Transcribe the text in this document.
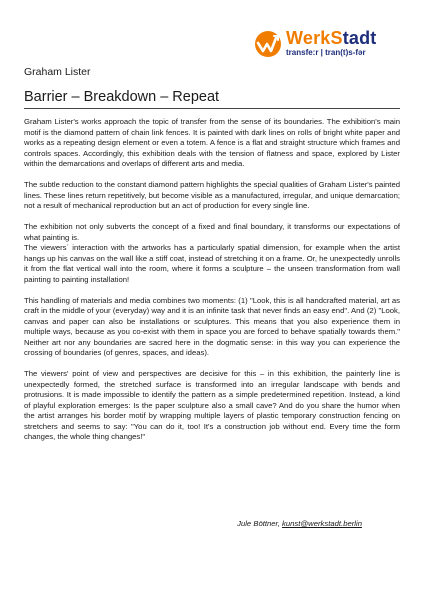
WerkStadt
transfe:r | tran(t)s-fər
Graham Lister
Barrier – Breakdown – Repeat

Graham Lister's works approach the topic of transfer from the sense of its boundaries. The exhibition's main motif is the diamond pattern of chain link fences. It is painted with dark lines on rolls of bright white paper and works as a repeating design element or even a totem. A fence is a flat and straight structure which frames and controls spaces. Accordingly, this exhibition deals with the tension of flatness and space, explored by Lister within the demarcations and overlaps of different arts and media.

The subtle reduction to the constant diamond pattern highlights the special qualities of Graham Lister's painted lines. These lines return repetitively, but become visible as a manufactured, irregular, and unique demarcation; not a result of mechanical reproduction but an act of production for every single line.

The exhibition not only subverts the concept of a fixed and final boundary, it transforms our expectations of what painting is.

The viewers´ interaction with the artworks has a particularly spatial dimension, for example when the artist hangs up his canvas on the wall like a stiff coat, instead of stretching it on a frame. Or, he unexpectedly unrolls it from the flat vertical wall into the room, where it forms a sculpture – the unseen transformation from wall painting to painting installation!

This handling of materials and media combines two moments: (1) "Look, this is all handcrafted material, art as craft in the middle of your (everyday) way and it is an infinite task that never finds an easy end". And (2) "Look, canvas and paper can also be installations or sculptures. This means that you also experience them in multiple ways, because as you co-exist with them in space you are forced to behave spatially towards them." Neither art nor any boundaries are sacred here in the dogmatic sense: in this way you can experience the crossing of boundaries (of genres, spaces, and ideas).

The viewers' point of view and perspectives are decisive for this – in this exhibition, the painterly line is unexpectedly formed, the stretched surface is transformed into an irregular landscape with bends and protrusions. It is made impossible to identify the pattern as a simple predetermined repetition. Instead, a kind of playful exploration emerges: Is the paper sculpture also a small cave? And do you share the humor when the artist arranges his border motif by wrapping multiple layers of plastic temporary construction fencing on stretchers and seems to say: "You can do it, too! It's a construction job without end. Every time the form changes, the whole thing changes!"

Jule Böttner, kunst@werkstadt.berlin
